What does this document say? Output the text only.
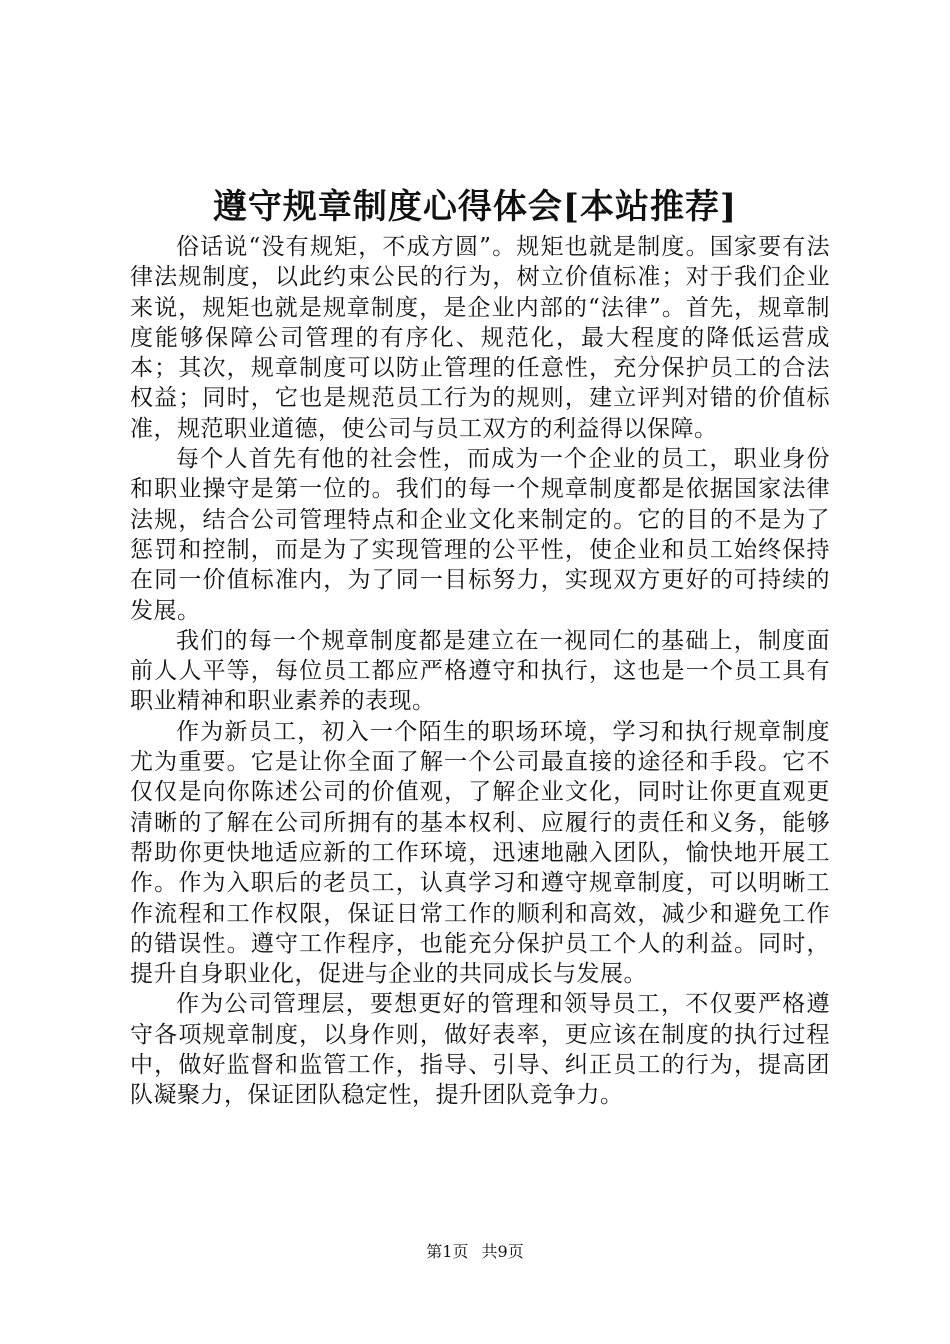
遵守规章制度心得体会[本站推荐]

俗话说“没有规矩，不成方圆”。规矩也就是制度。国家要有法律法规制度，以此约束公民的行为，树立价值标准；对于我们企业来说，规矩也就是规章制度，是企业内部的“法律”。首先，规章制度能够保障公司管理的有序化、规范化，最大程度的降低运营成本；其次，规章制度可以防止管理的任意性，充分保护员工的合法权益；同时，它也是规范员工行为的规则，建立评判对错的价值标准，规范职业道德，使公司与员工双方的利益得以保障。

每个人首先有他的社会性，而成为一个企业的员工，职业身份和职业操守是第一位的。我们的每一个规章制度都是依据国家法律法规，结合公司管理特点和企业文化来制定的。它的目的不是为了惩罚和控制，而是为了实现管理的公平性，使企业和员工始终保持在同一价值标准内，为了同一目标努力，实现双方更好的可持续的发展。

我们的每一个规章制度都是建立在一视同仁的基础上，制度面前人人平等，每位员工都应严格遵守和执行，这也是一个员工具有职业精神和职业素养的表现。

作为新员工，初入一个陌生的职场环境，学习和执行规章制度尤为重要。它是让你全面了解一个公司最直接的途径和手段。它不仅仅是向你陈述公司的价值观，了解企业文化，同时让你更直观更清晰的了解在公司所拥有的基本权利、应履行的责任和义务，能够帮助你更快地适应新的工作环境，迅速地融入团队，愉快地开展工作。作为入职后的老员工，认真学习和遵守规章制度，可以明晰工作流程和工作权限，保证日常工作的顺利和高效，减少和避免工作的错误性。遵守工作程序，也能充分保护员工个人的利益。同时，提升自身职业化，促进与企业的共同成长与发展。

作为公司管理层，要想更好的管理和领导员工，不仅要严格遵守各项规章制度，以身作则，做好表率，更应该在制度的执行过程中，做好监督和监管工作，指导、引导、纠正员工的行为，提高团队凝聚力，保证团队稳定性，提升团队竞争力。

第1页 共9页
